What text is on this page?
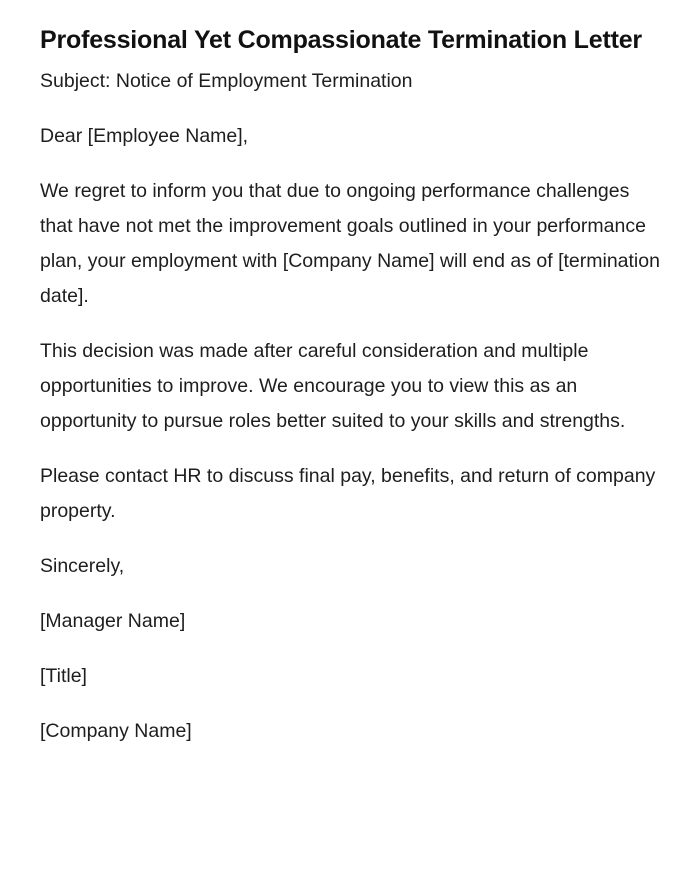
Professional Yet Compassionate Termination Letter

Subject: Notice of Employment Termination

Dear [Employee Name],

We regret to inform you that due to ongoing performance challenges that have not met the improvement goals outlined in your performance plan, your employment with [Company Name] will end as of [termination date].

This decision was made after careful consideration and multiple opportunities to improve. We encourage you to view this as an opportunity to pursue roles better suited to your skills and strengths.

Please contact HR to discuss final pay, benefits, and return of company property.

Sincerely,

[Manager Name]

[Title]

[Company Name]
